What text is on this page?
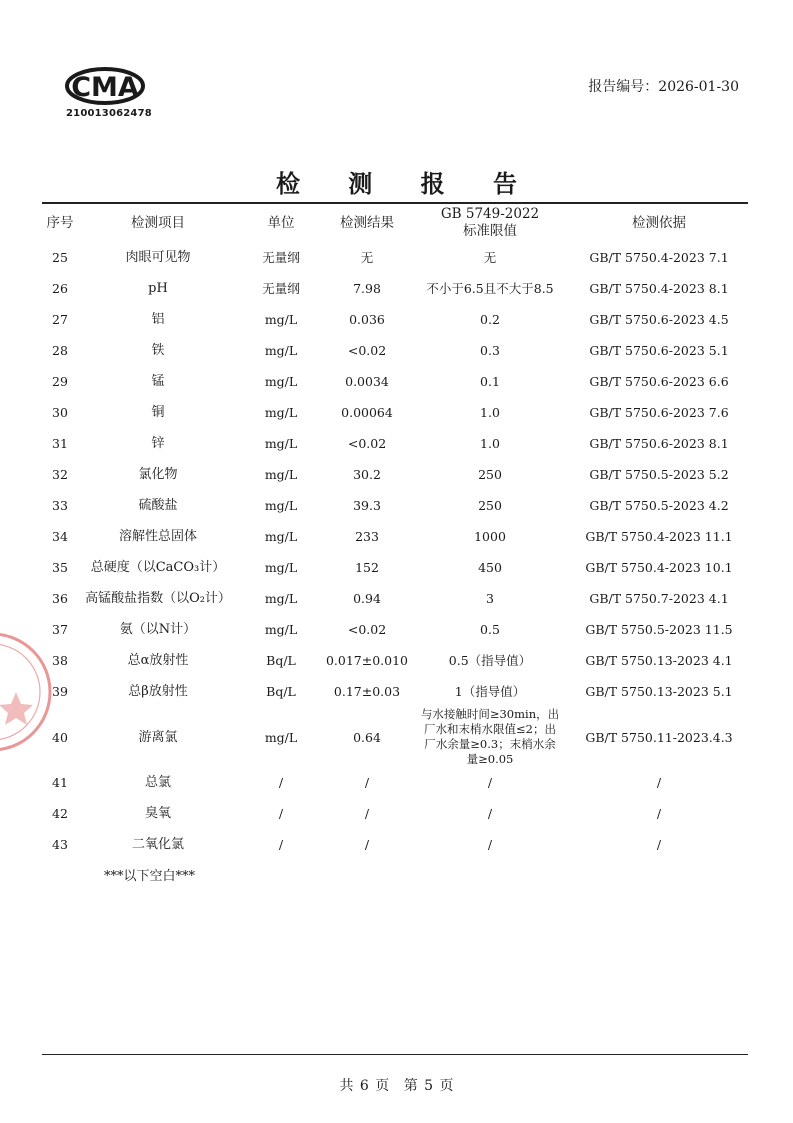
CMA
210013062478
报告编号：2026-01-30
检 测 报 告
序号	检测项目	单位	检测结果	GB 5749-2022
标准限值	检测依据
25	肉眼可见物	无量纲	无	无	GB/T 5750.4-2023 7.1
26	pH	无量纲	7.98	不小于6.5且不大于8.5	GB/T 5750.4-2023 8.1
27	铝	mg/L	0.036	0.2	GB/T 5750.6-2023 4.5
28	铁	mg/L	<0.02	0.3	GB/T 5750.6-2023 5.1
29	锰	mg/L	0.0034	0.1	GB/T 5750.6-2023 6.6
30	铜	mg/L	0.00064	1.0	GB/T 5750.6-2023 7.6
31	锌	mg/L	<0.02	1.0	GB/T 5750.6-2023 8.1
32	氯化物	mg/L	30.2	250	GB/T 5750.5-2023 5.2
33	硫酸盐	mg/L	39.3	250	GB/T 5750.5-2023 4.2
34	溶解性总固体	mg/L	233	1000	GB/T 5750.4-2023 11.1
35	总硬度（以CaCO₃计）	mg/L	152	450	GB/T 5750.4-2023 10.1
36	高锰酸盐指数（以O₂计）	mg/L	0.94	3	GB/T 5750.7-2023 4.1
37	氨（以N计）	mg/L	<0.02	0.5	GB/T 5750.5-2023 11.5
38	总α放射性	Bq/L	0.017±0.010	0.5（指导值）	GB/T 5750.13-2023 4.1
39	总β放射性	Bq/L	0.17±0.03	1（指导值）	GB/T 5750.13-2023 5.1
40	游离氯	mg/L	0.64	与水接触时间≥30min，出
厂水和末梢水限值≤2；出
厂水余量≥0.3；末梢水余
量≥0.05	GB/T 5750.11-2023.4.3
41	总氯	/	/	/	/
42	臭氧	/	/	/	/
43	二氧化氯	/	/	/	/
***以下空白***
共 6 页 第 5 页
